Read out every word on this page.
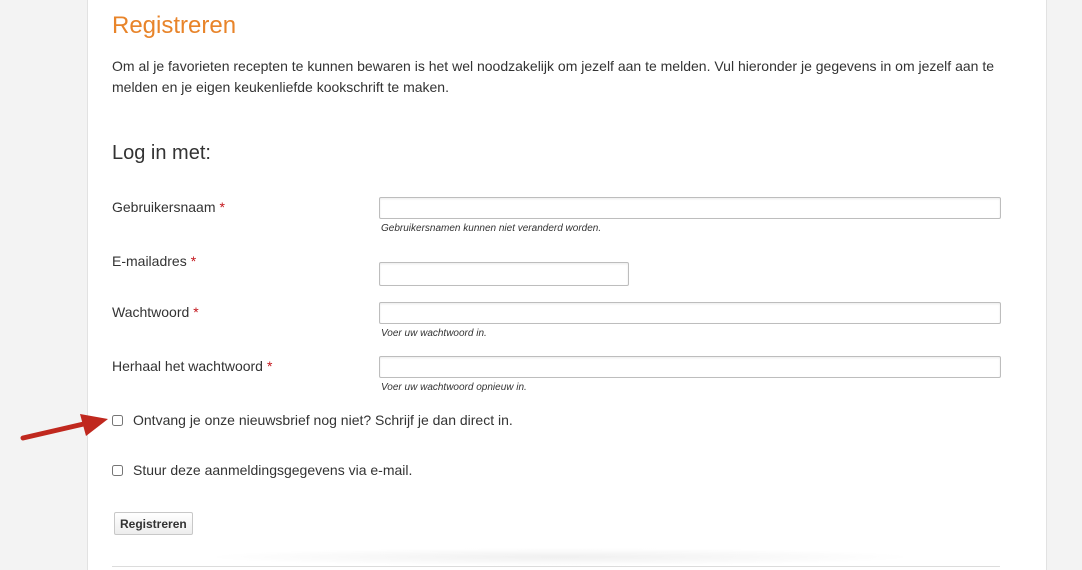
Registreren

Om al je favorieten recepten te kunnen bewaren is het wel noodzakelijk om jezelf aan te melden. Vul hieronder je gegevens in om jezelf aan te melden en je eigen keukenliefde kookschrift te maken.

Log in met:
Gebruikersnaam *
Gebruikersnamen kunnen niet veranderd worden.
E-mailadres *
Wachtwoord *
Voer uw wachtwoord in.
Herhaal het wachtwoord *
Voer uw wachtwoord opnieuw in.
Ontvang je onze nieuwsbrief nog niet? Schrijf je dan direct in.
Stuur deze aanmeldingsgegevens via e-mail.
Registreren
